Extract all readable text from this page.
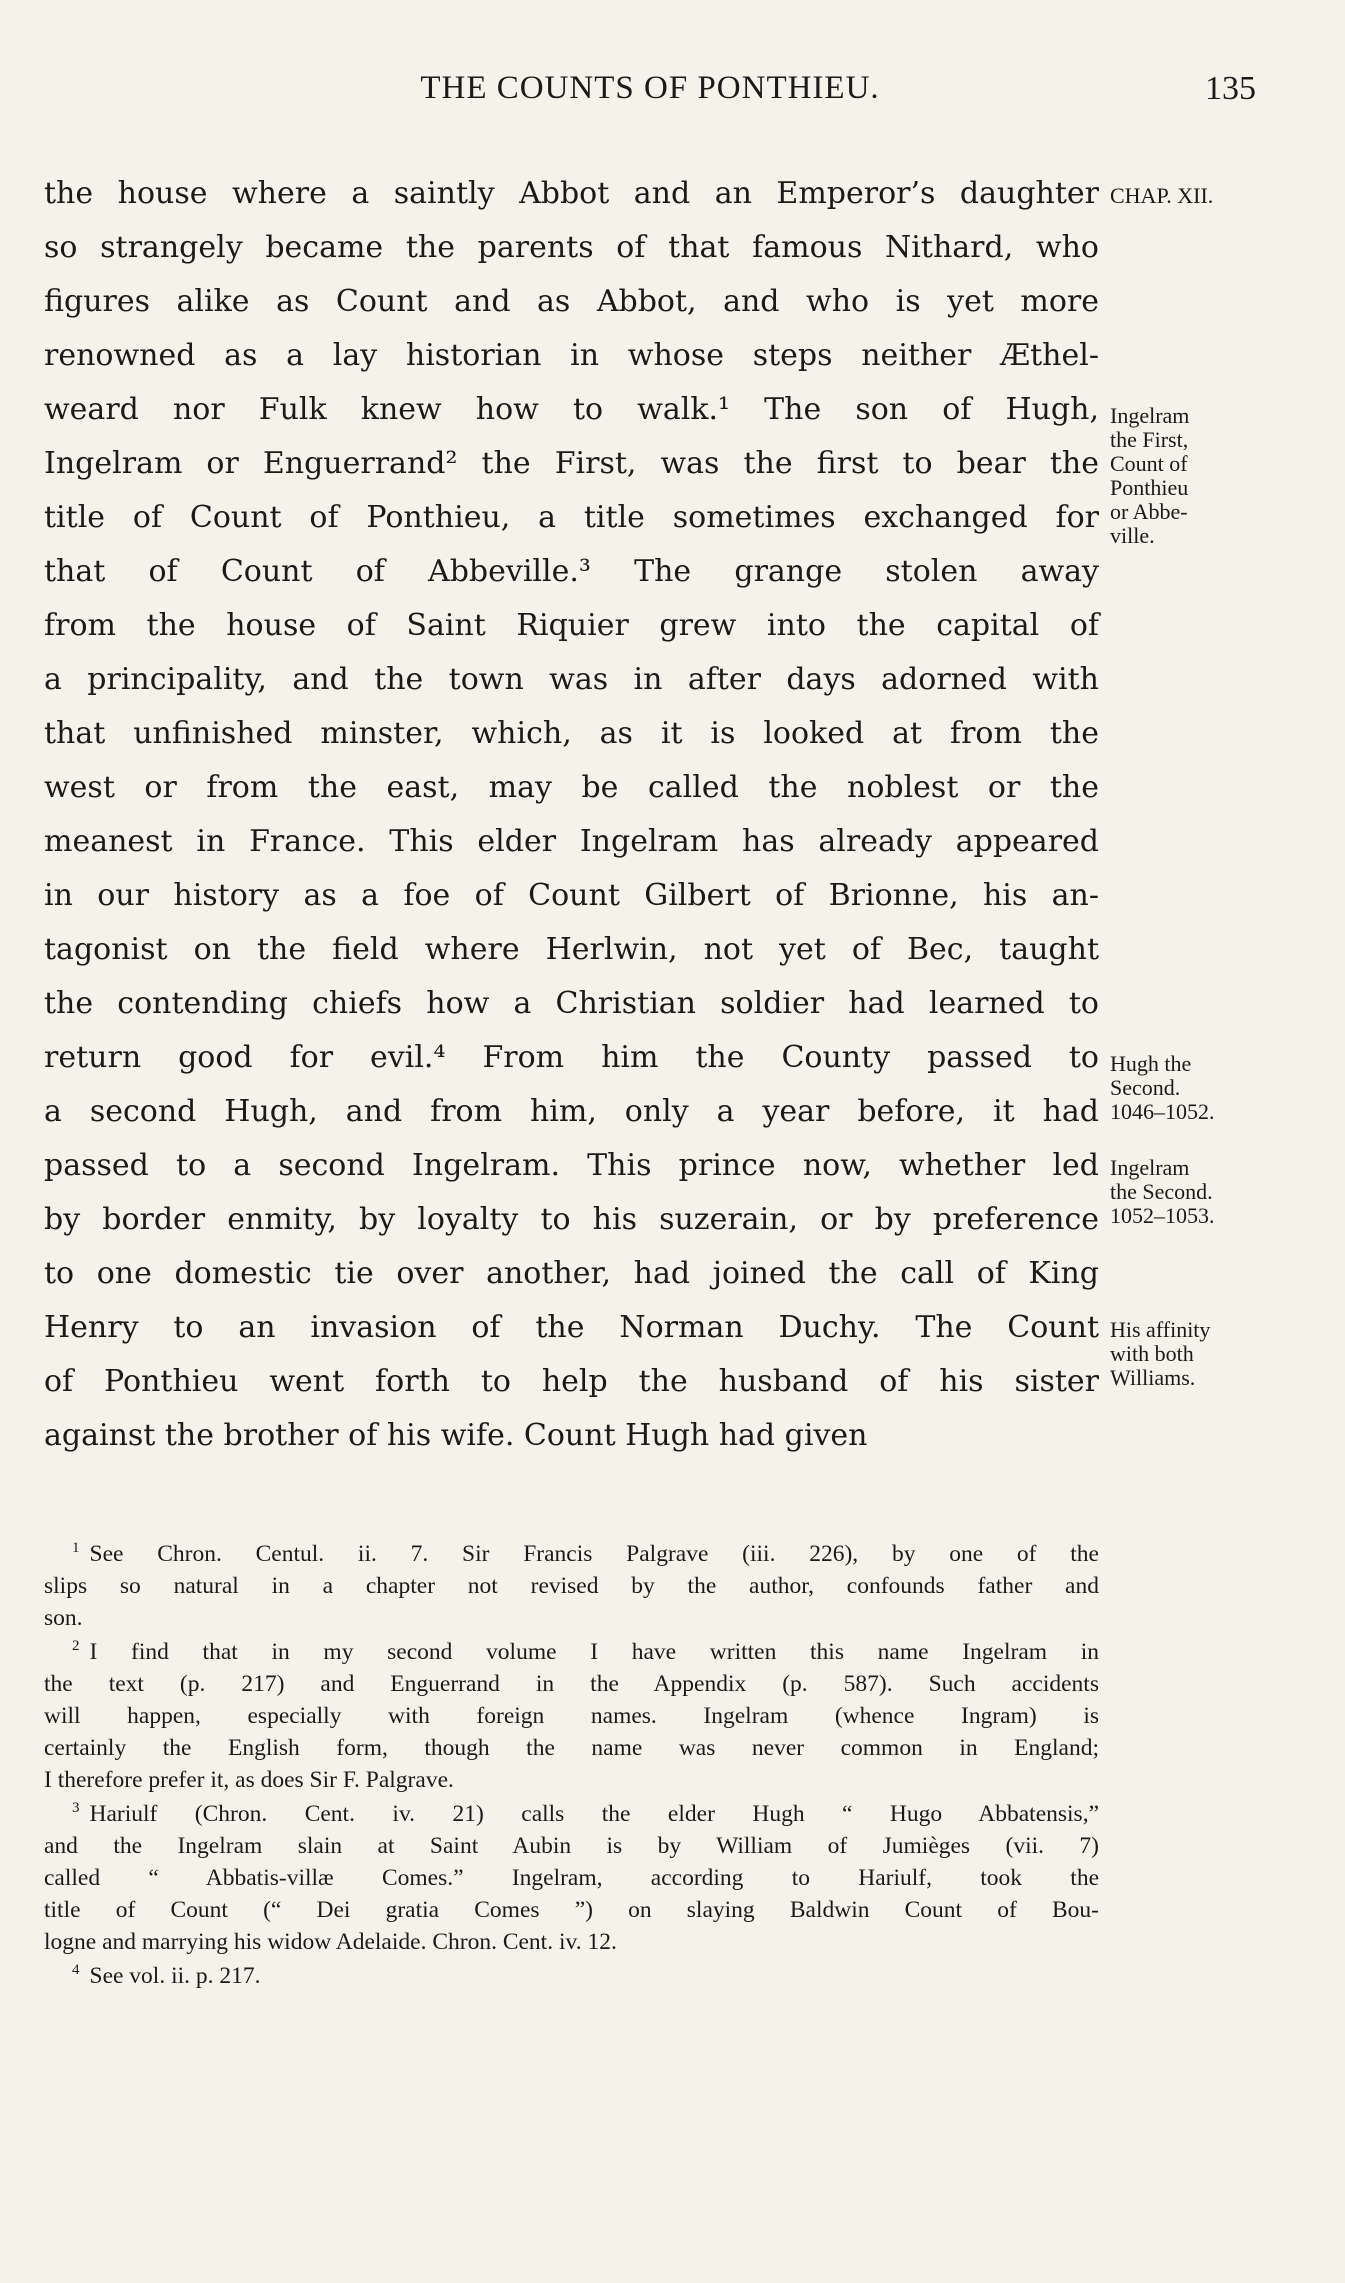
THE COUNTS OF PONTHIEU.	135
the house where a saintly Abbot and an Emperor’s daughter
so strangely became the parents of that famous Nithard, who
figures alike as Count and as Abbot, and who is yet more
renowned as a lay historian in whose steps neither Æthel-
weard nor Fulk knew how to walk.¹ The son of Hugh,
Ingelram or Enguerrand² the First, was the first to bear the
title of Count of Ponthieu, a title sometimes exchanged for
that of Count of Abbeville.³ The grange stolen away
from the house of Saint Riquier grew into the capital of
a principality, and the town was in after days adorned with
that unfinished minster, which, as it is looked at from the
west or from the east, may be called the noblest or the
meanest in France. This elder Ingelram has already appeared
in our history as a foe of Count Gilbert of Brionne, his an-
tagonist on the field where Herlwin, not yet of Bec, taught
the contending chiefs how a Christian soldier had learned to
return good for evil.⁴ From him the County passed to
a second Hugh, and from him, only a year before, it had
passed to a second Ingelram. This prince now, whether led
by border enmity, by loyalty to his suzerain, or by preference
to one domestic tie over another, had joined the call of King
Henry to an invasion of the Norman Duchy. The Count
of Ponthieu went forth to help the husband of his sister
against the brother of his wife. Count Hugh had given
CHAP. XII.
Ingelram
the First,
Count of
Ponthieu
or Abbe-
ville.
Hugh the
Second.
1046–1052.
Ingelram
the Second.
1052–1053.
His affinity
with both
Williams.
$^1$ See Chron. Centul. ii. 7. Sir Francis Palgrave (iii. 226), by one of the
slips so natural in a chapter not revised by the author, confounds father and
son.
$^2$ I find that in my second volume I have written this name Ingelram in
the text (p. 217) and Enguerrand in the Appendix (p. 587). Such accidents
will happen, especially with foreign names. Ingelram (whence Ingram) is
certainly the English form, though the name was never common in England;
I therefore prefer it, as does Sir F. Palgrave.
$^3$ Hariulf (Chron. Cent. iv. 21) calls the elder Hugh “ Hugo Abbatensis,”
and the Ingelram slain at Saint Aubin is by William of Jumièges (vii. 7)
called “ Abbatis-villæ Comes.” Ingelram, according to Hariulf, took the
title of Count (“ Dei gratia Comes ”) on slaying Baldwin Count of Bou-
logne and marrying his widow Adelaide. Chron. Cent. iv. 12.
$^4$ See vol. ii. p. 217.
